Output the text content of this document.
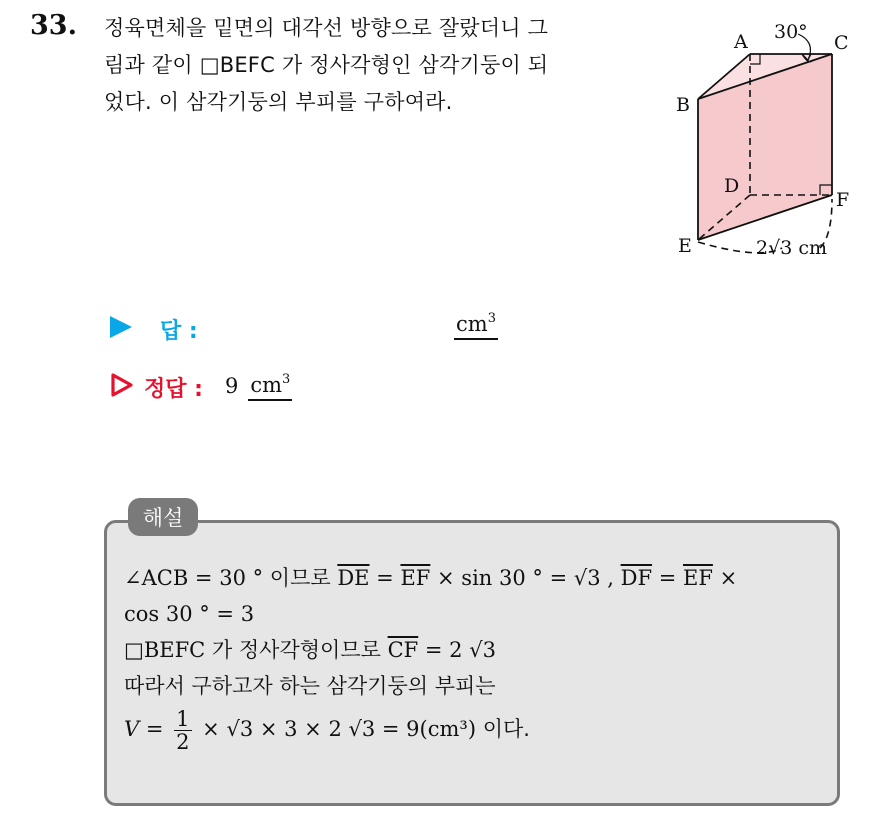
33. 정육면체을 밑면의 대각선 방향으로 잘랐더니 그
림과 같이 □BEFC 가 정사각형인 삼각기둥이 되
었다. 이 삼각기둥의 부피를 구하여라.
A	C
B
D
F
E
30°
2√3 cm
답 :	$cm^3$
정답 : 9 $cm^3$
해설
∠ACB = 30 ° 이므로 $\overline{DE} = \overline{EF} \times \sin 30$ ° = √3 , $\overline{DF} = \overline{EF}$ ×
cos 30 ° = 3
□BEFC 가 정사각형이므로 $\overline{CF} = 2$ √3
따라서 구하고자 하는 삼각기둥의 부피는
$V = \frac{1}{2} \times √3 \times 3 \times 2$ √3 = 9(cm³) 이다.
